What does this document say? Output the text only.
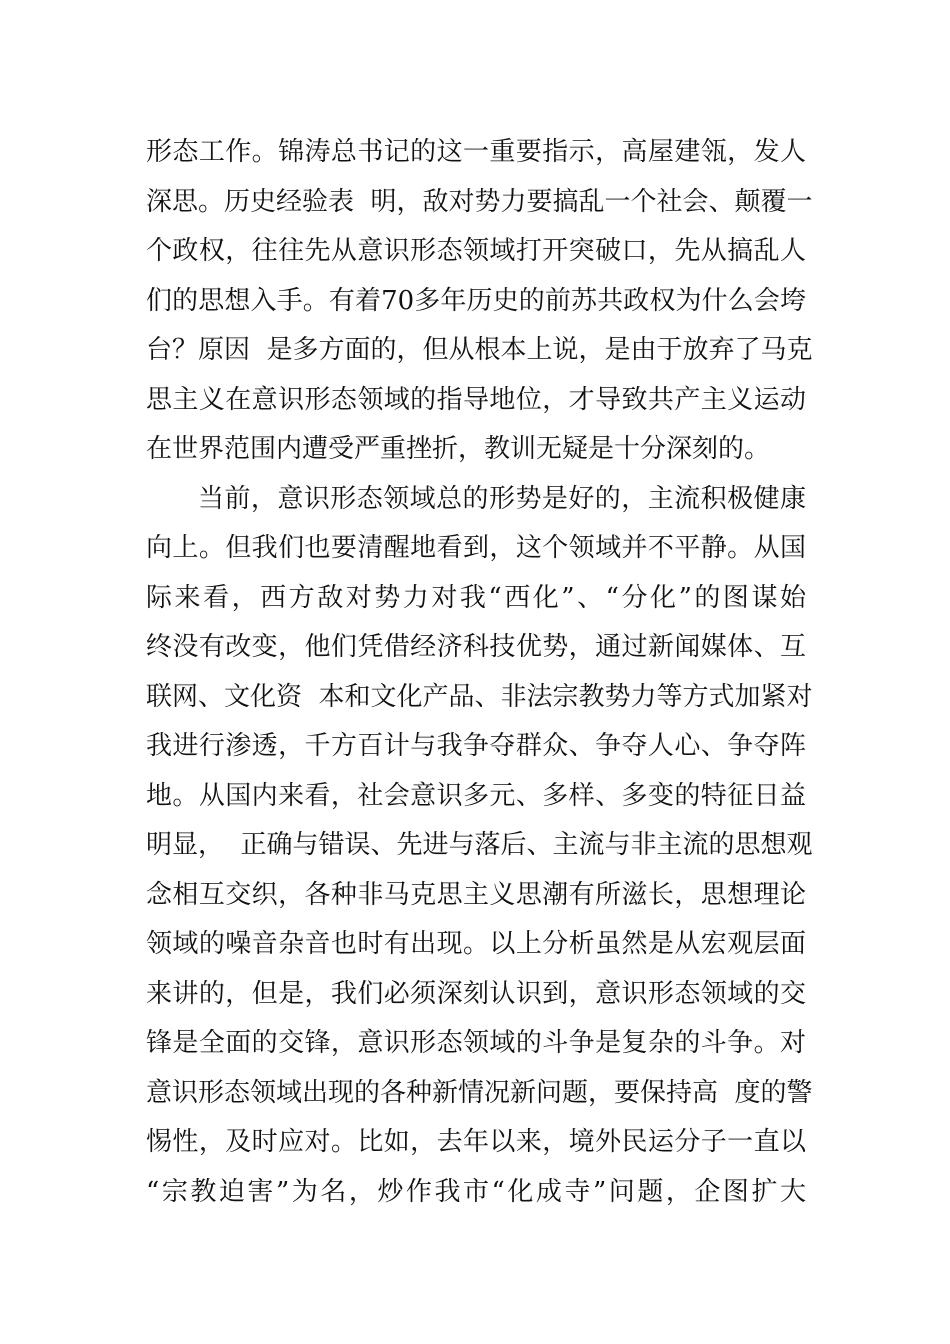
形态工作。锦涛总书记的这一重要指示，高屋建瓴，发人
深思。历史经验表  明，敌对势力要搞乱一个社会、颠覆一
个政权，往往先从意识形态领域打开突破口，先从搞乱人
们的思想入手。有着70多年历史的前苏共政权为什么会垮
台？原因  是多方面的，但从根本上说，是由于放弃了马克
思主义在意识形态领域的指导地位，才导致共产主义运动
在世界范围内遭受严重挫折，教训无疑是十分深刻的。
当前，意识形态领域总的形势是好的，主流积极健康
向上。但我们也要清醒地看到，这个领域并不平静。从国
际来看，西方敌对势力对我“西化”、“分化”的图谋始
终没有改变，他们凭借经济科技优势，通过新闻媒体、互
联网、文化资  本和文化产品、非法宗教势力等方式加紧对
我进行渗透，千方百计与我争夺群众、争夺人心、争夺阵
地。从国内来看，社会意识多元、多样、多变的特征日益
明显，  正确与错误、先进与落后、主流与非主流的思想观
念相互交织，各种非马克思主义思潮有所滋长，思想理论
领域的噪音杂音也时有出现。以上分析虽然是从宏观层面
来讲的，但是，我们必须深刻认识到，意识形态领域的交
锋是全面的交锋，意识形态领域的斗争是复杂的斗争。对
意识形态领域出现的各种新情况新问题，要保持高  度的警
惕性，及时应对。比如，去年以来，境外民运分子一直以
“宗教迫害”为名，炒作我市“化成寺”问题，企图扩大
